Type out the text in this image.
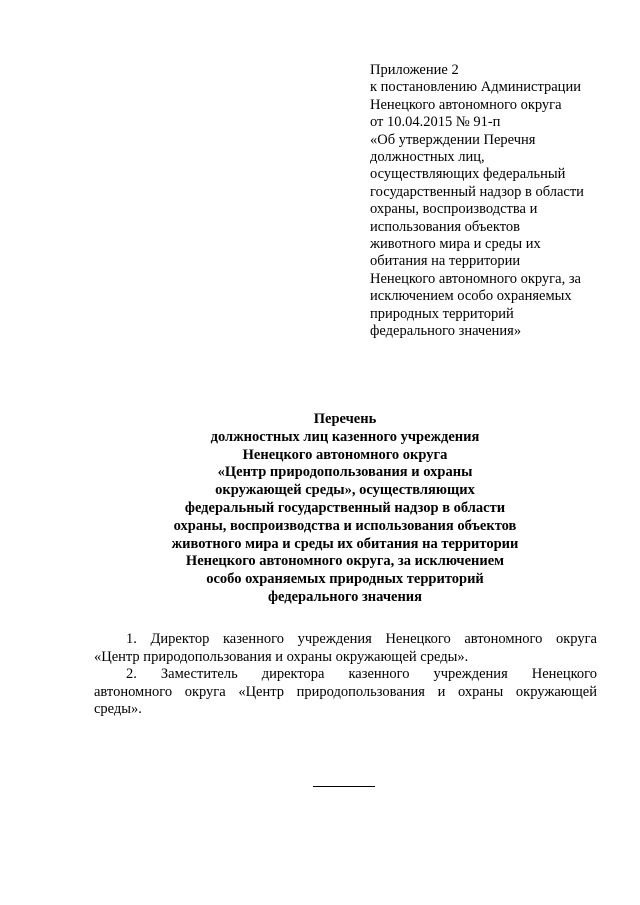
Приложение 2
к постановлению Администрации
Ненецкого автономного округа
от 10.04.2015 № 91-п
«Об утверждении Перечня
должностных лиц,
осуществляющих федеральный
государственный надзор в области
охраны, воспроизводства и
использования объектов
животного мира и среды их
обитания на территории
Ненецкого автономного округа, за
исключением особо охраняемых
природных территорий
федерального значения»
Перечень
должностных лиц казенного учреждения
Ненецкого автономного округа
«Центр природопользования и охраны
окружающей среды», осуществляющих
федеральный государственный надзор в области
охраны, воспроизводства и использования объектов
животного мира и среды их обитания на территории
Ненецкого автономного округа, за исключением
особо охраняемых природных территорий
федерального значения

1. Директор казенного учреждения Ненецкого автономного округа
«Центр природопользования и охраны окружающей среды».

2. Заместитель директора казенного учреждения Ненецкого
автономного округа «Центр природопользования и охраны окружающей
среды».
